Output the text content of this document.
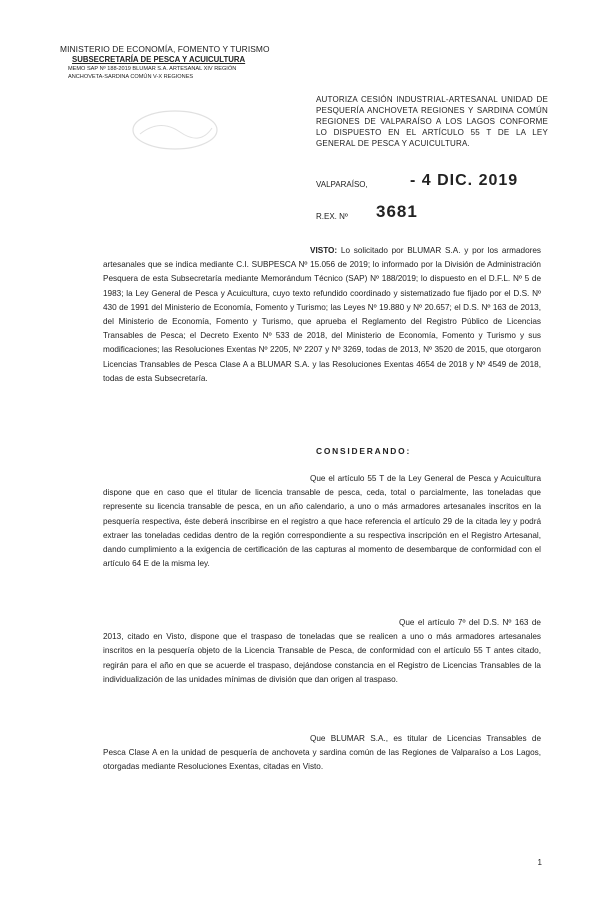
MINISTERIO DE ECONOMÍA, FOMENTO Y TURISMO
SUBSECRETARÍA DE PESCA Y ACUICULTURA
MEMO SAP Nº 188-2019 BLUMAR S.A. ARTESANAL XIV REGIÓN
ANCHOVETA-SARDINA COMÚN V-X REGIONES
AUTORIZA CESIÓN INDUSTRIAL-ARTESANAL UNIDAD DE PESQUERÍA ANCHOVETA REGIONES Y SARDINA COMÚN REGIONES DE VALPARAÍSO A LOS LAGOS CONFORME LO DISPUESTO EN EL ARTÍCULO 55 T DE LA LEY GENERAL DE PESCA Y ACUICULTURA.
VALPARAÍSO,	- 4 DIC. 2019
R.EX. Nº 3681

VISTO: Lo solicitado por BLUMAR S.A. y por los armadores artesanales que se indica mediante C.I. SUBPESCA Nº 15.056 de 2019; lo informado por la División de Administración Pesquera de esta Subsecretaría mediante Memorándum Técnico (SAP) Nº 188/2019; lo dispuesto en el D.F.L. Nº 5 de 1983; la Ley General de Pesca y Acuicultura, cuyo texto refundido coordinado y sistematizado fue fijado por el D.S. Nº 430 de 1991 del Ministerio de Economía, Fomento y Turismo; las Leyes Nº 19.880 y Nº 20.657; el D.S. Nº 163 de 2013, del Ministerio de Economía, Fomento y Turismo, que aprueba el Reglamento del Registro Público de Licencias Transables de Pesca; el Decreto Exento Nº 533 de 2018, del Ministerio de Economía, Fomento y Turismo y sus modificaciones; las Resoluciones Exentas Nº 2205, Nº 2207 y Nº 3269, todas de 2013, Nº 3520 de 2015, que otorgaron Licencias Transables de Pesca Clase A a BLUMAR S.A. y las Resoluciones Exentas 4654 de 2018 y Nº 4549 de 2018, todas de esta Subsecretaría.

CONSIDERANDO:

Que el artículo 55 T de la Ley General de Pesca y Acuicultura dispone que en caso que el titular de licencia transable de pesca, ceda, total o parcialmente, las toneladas que represente su licencia transable de pesca, en un año calendario, a uno o más armadores artesanales inscritos en la pesquería respectiva, éste deberá inscribirse en el registro a que hace referencia el artículo 29 de la citada ley y podrá extraer las toneladas cedidas dentro de la región correspondiente a su respectiva inscripción en el Registro Artesanal, dando cumplimiento a la exigencia de certificación de las capturas al momento de desembarque de conformidad con el artículo 64 E de la misma ley.

Que el artículo 7º del D.S. Nº 163 de 2013, citado en Visto, dispone que el traspaso de toneladas que se realicen a uno o más armadores artesanales inscritos en la pesquería objeto de la Licencia Transable de Pesca, de conformidad con el artículo 55 T antes citado, regirán para el año en que se acuerde el traspaso, dejándose constancia en el Registro de Licencias Transables de la individualización de las unidades mínimas de división que dan origen al traspaso.

Que BLUMAR S.A., es titular de Licencias Transables de Pesca Clase A en la unidad de pesquería de anchoveta y sardina común de las Regiones de Valparaíso a Los Lagos, otorgadas mediante Resoluciones Exentas, citadas en Visto.

1
